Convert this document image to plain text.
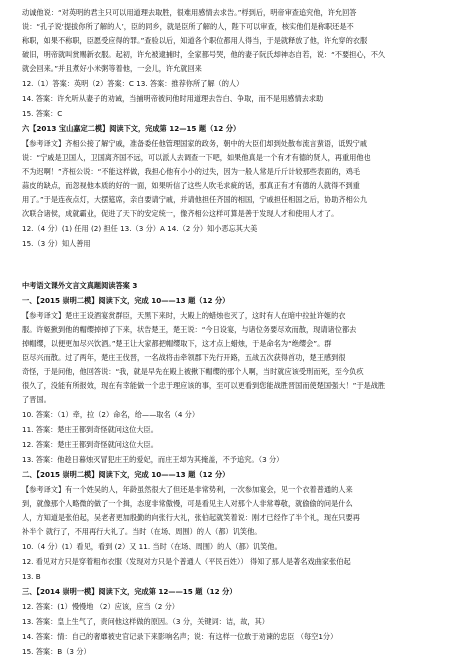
动诚他说：“对英明的君主只可以用道理去取胜，很难用感情去求告。”桴到后，明帝审查追究他，许允回答
说：“孔子说‘提拔你所了解的人’，臣的同乡，就是臣所了解的人，陛下可以审查，核实他们是称职还是不
称职，如果不称职，臣愿受应得的罪。”查验以后，知道各个职位都用人得当，于是就释放了他，许允穿的衣服
破旧，明帝就叫赏赐新衣服。起初，许允被逮捕时，全家都号哭，他的妻子阮氏却神态自若，说：“不要担心，不久
就会回来。”并且煮好小米粥等着他，一会儿，许允就回来
12.（1）答案：英明（2）答案：C 13. 答案：推荐你所了解（的人）
14. 答案：许允听从妻子的劝诫，当捕明帝被问他时用道理去告白、争取，而不是用感情去求助
15. 答案：C
六【2013 宝山嘉定二模】阅读下文，完成第 12—15 题（12 分）
【参考译文】齐相公接了解宁戚，准备委任他管理国家的政务，朝中的大臣们却到处散布流言蜚语，诋毁宁戚
说：“宁戚是卫国人，卫国离齐国不远，可以派人去调查一下吧，如果他真是一个有才有德的贤人，再重用他也
不为迟啊！”齐桓公说：“不能这样做，我担心他有小小的过失，因为一般人常是斤斤计较那些表面的，鸡毛
蒜皮的缺点，而忽视他本质的好的一面，如果听信了这些人吹毛求疵的话，那真正有才有德的人就得不到重
用了。”于是连夜点灯，大摆筵席，亲自要请宁戚，并请他担任齐国的相国，宁戚担任相国之后，协助齐相公九
次联合诸侯，成就霸业，促进了天下的安定统一，像齐相公这样可算是善于发现人才和使用人才了。
12.（4 分）(1) 任用 (2) 担任 13.（3 分）A 14.（2 分）知小恶忘其大美
15.（3 分）知人善用
中考语文课外文言文真题阅读答案 3
一、【2015 崇明二模】阅读下文，完成 10——13 题（12 分）
【参考译文】楚庄王设酒宴赏群臣，天黑下来时，大殿上的蜡烛也灭了，这时有人在暗中拉扯许姬的衣
服。许姬揪到他的帽缨掉掉了下来，状告楚王，楚王说：“今日设宴，与诸位务要尽欢而散，现请诸位都去
掉帽缨，以便更加尽兴饮酒。”楚王让大家都把帽缨取下，这才点上蜡烛，于是命名为“绝缨会”。群
臣尽兴而散。过了两年，楚庄王伐晋，一名战将击牵领郡下先行开路，五战五次获得首功，楚王感到很
奇怪，于是问他，他回答说：“我，就是早先在殿上被揪下帽缨的那个人啊，当时就应该受刑而死，至今负疚
很久了，没能有所报效，现在有幸能做一个忠于理应该的事，至可以更看到您能战胜晋国而使楚国强大！”于是战胜
了晋国。
10. 答案：（1）牵，拉（2）命名，给——取名（4 分）
11. 答案：楚庄王都到奇怪就问这位大臣。
12. 答案：楚庄王都到奇怪就问这位大臣。
13. 答案：他趁日暮烛灭冒犯庄王的爱妃，而庄王却为其掩盖，不予追究。（3 分）
二、【2015 崇明二模】阅读下文，完成 10——13 题（12 分）
【参考译文】有一个姓吴的人，年龄虽然很大了但还是非常势利，一次参加宴会，见一个衣着普通的人来
到，就像那个人略微的做了一个揖，态度非常傲慢，可是看见主人对那个人非常尊敬，就偷偷的问是什么
人，方知道是张伯起，吴老者更加殷勤的向张行大礼，张伯起就笑着说：刚才已经作了半个礼，现在只要再
补半个 就行了，不用再行大礼了。当时（在场、周围）的人（都）讥笑他。
10.（4 分）(1）看见，看到 (2）又 11. 当时（在场、周围）的人（都）讥笑他。
12. 看见对方只是穿着粗布衣服（发现对方只是个普通人（平民百姓）） 得知了那人是著名戏曲家张伯起
13. B
三、【2014 崇明一模】阅读下文，完成第 12——15 题（12 分）
12. 答案：(1）慢慢地 （2）应该，应当（2 分）
13. 答案：皇上生气了，责问他这样做的原因。（3 分，关键词：诘，故，其）
14. 答案：情：自己的奢靡被史官记录下来影响名声；说：有这样一位敢于劝谏的忠臣 （每空1分）
15. 答案：B（3 分）
